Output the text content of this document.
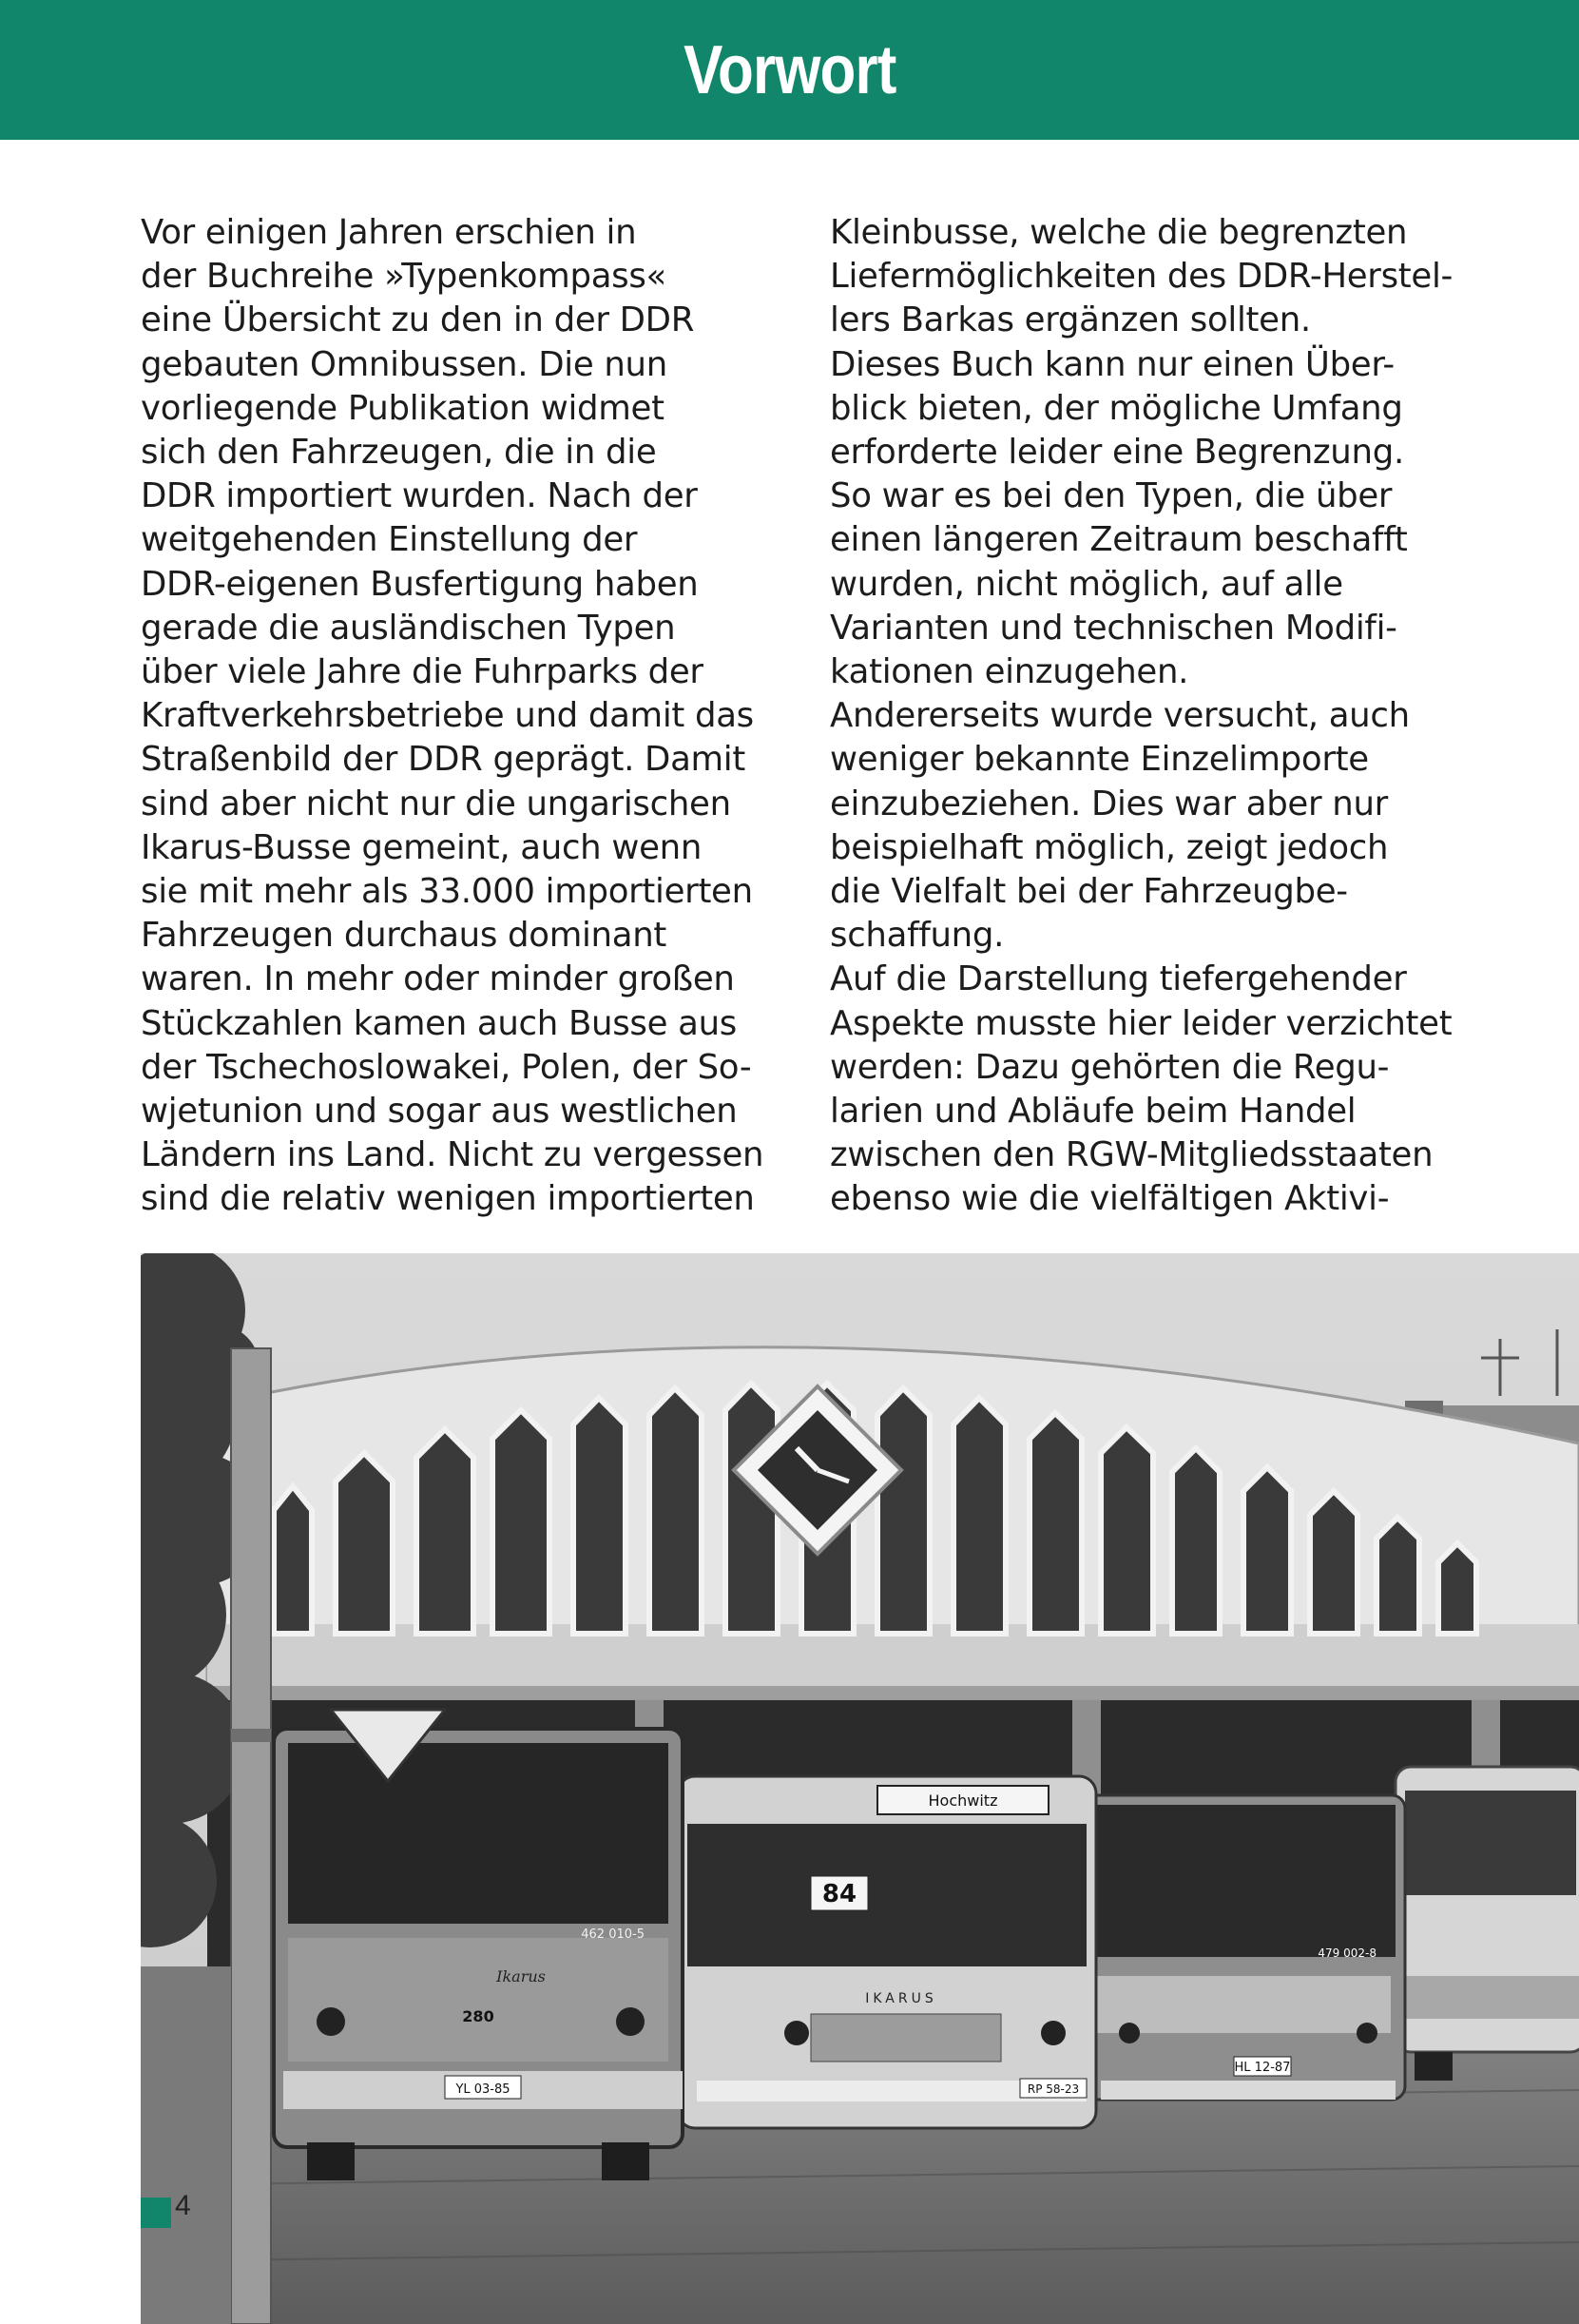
Vorwort
Vor einigen Jahren erschien in
der Buchreihe »Typenkompass«
eine Übersicht zu den in der DDR
gebauten Omnibussen. Die nun
vorliegende Publikation widmet
sich den Fahrzeugen, die in die
DDR importiert wurden. Nach der
weitgehenden Einstellung der
DDR-eigenen Busfertigung haben
gerade die ausländischen Typen
über viele Jahre die Fuhrparks der
Kraftverkehrsbetriebe und damit das
Straßenbild der DDR geprägt. Damit
sind aber nicht nur die ungarischen
Ikarus-Busse gemeint, auch wenn
sie mit mehr als 33.000 importierten
Fahrzeugen durchaus dominant
waren. In mehr oder minder großen
Stückzahlen kamen auch Busse aus
der Tschechoslowakei, Polen, der So-
wjetunion und sogar aus westlichen
Ländern ins Land. Nicht zu vergessen
sind die relativ wenigen importierten
Kleinbusse, welche die begrenzten
Liefermöglichkeiten des DDR-Herstel-
lers Barkas ergänzen sollten.
Dieses Buch kann nur einen Über-
blick bieten, der mögliche Umfang
erforderte leider eine Begrenzung.
So war es bei den Typen, die über
einen längeren Zeitraum beschafft
wurden, nicht möglich, auf alle
Varianten und technischen Modifi-
kationen einzugehen.
Andererseits wurde versucht, auch
weniger bekannte Einzelimporte
einzubeziehen. Dies war aber nur
beispielhaft möglich, zeigt jedoch
die Vielfalt bei der Fahrzeugbe-
schaffung.
Auf die Darstellung tiefergehender
Aspekte musste hier leider verzichtet
werden: Dazu gehörten die Regu-
larien und Abläufe beim Handel
zwischen den RGW-Mitgliedsstaaten
ebenso wie die vielfältigen Aktivi-
HL 12-87
479 002-8
Hochwitz
84
IKARUS
RP 58-23
Ikarus
462 010-5
280
YL 03-85
4
